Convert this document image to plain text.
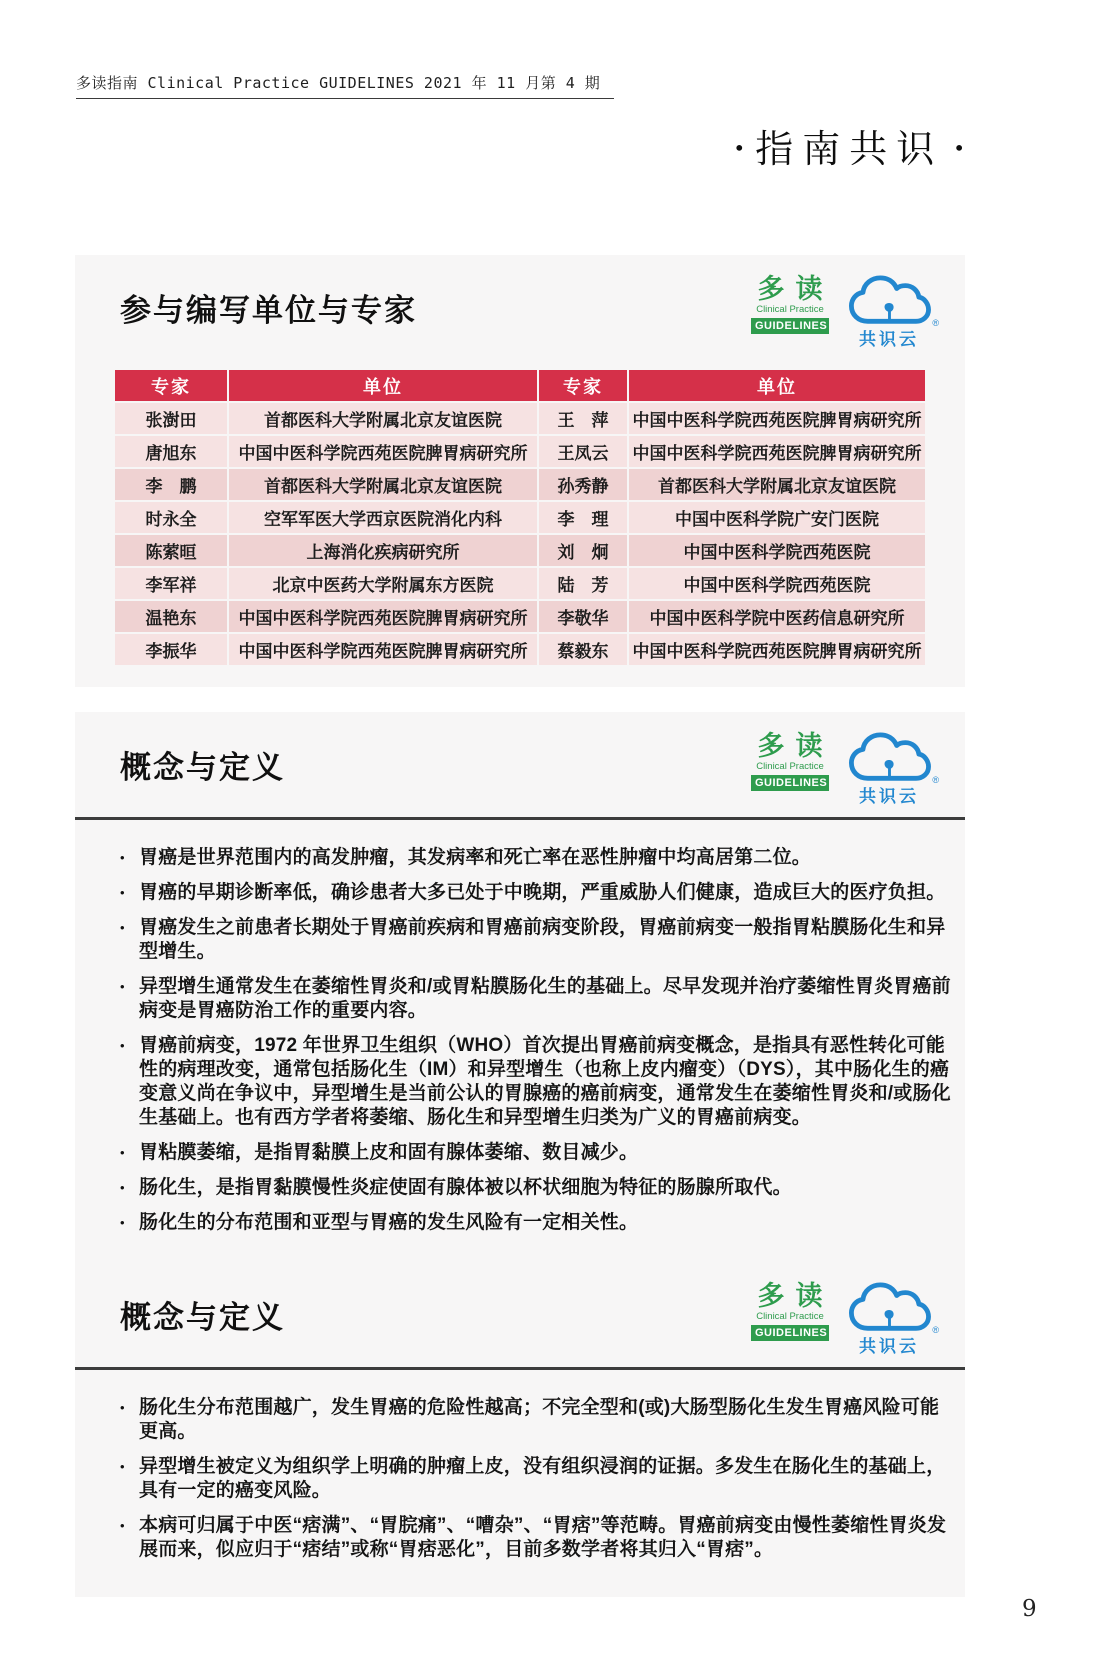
多读指南 Clinical Practice GUIDELINES 2021 年 11 月第 4 期
• 指南共识 •
参与编写单位与专家
多读
Clinical Practice
GUIDELINES
共识云
®
专家	单位	专家	单位
张澍田	首都医科大学附属北京友谊医院	王　萍	中国中医科学院西苑医院脾胃病研究所
唐旭东	中国中医科学院西苑医院脾胃病研究所	王凤云	中国中医科学院西苑医院脾胃病研究所
李　鹏	首都医科大学附属北京友谊医院	孙秀静	首都医科大学附属北京友谊医院
时永全	空军军医大学西京医院消化内科	李　理	中国中医科学院广安门医院
陈萦晅	上海消化疾病研究所	刘　炯	中国中医科学院西苑医院
李军祥	北京中医药大学附属东方医院	陆　芳	中国中医科学院西苑医院
温艳东	中国中医科学院西苑医院脾胃病研究所	李敬华	中国中医科学院中医药信息研究所
李振华	中国中医科学院西苑医院脾胃病研究所	蔡毅东	中国中医科学院西苑医院脾胃病研究所
概念与定义
多读
Clinical Practice
GUIDELINES
共识云
®
• 胃癌是世界范围内的高发肿瘤，其发病率和死亡率在恶性肿瘤中均高居第二位。
• 胃癌的早期诊断率低，确诊患者大多已处于中晚期，严重威胁人们健康，造成巨大的医疗负担。
• 胃癌发生之前患者长期处于胃癌前疾病和胃癌前病变阶段，胃癌前病变一般指胃粘膜肠化生和异型增生。
• 异型增生通常发生在萎缩性胃炎和/或胃粘膜肠化生的基础上。尽早发现并治疗萎缩性胃炎胃癌前病变是胃癌防治工作的重要内容。
• 胃癌前病变，1972 年世界卫生组织（WHO）首次提出胃癌前病变概念，是指具有恶性转化可能性的病理改变，通常包括肠化生（IM）和异型增生（也称上皮内瘤变）（DYS），其中肠化生的癌变意义尚在争议中，异型增生是当前公认的胃腺癌的癌前病变，通常发生在萎缩性胃炎和/或肠化生基础上。也有西方学者将萎缩、肠化生和异型增生归类为广义的胃癌前病变。
• 胃粘膜萎缩，是指胃黏膜上皮和固有腺体萎缩、数目减少。
• 肠化生，是指胃黏膜慢性炎症使固有腺体被以杯状细胞为特征的肠腺所取代。
• 肠化生的分布范围和亚型与胃癌的发生风险有一定相关性。
概念与定义
多读
Clinical Practice
GUIDELINES
共识云
®
• 肠化生分布范围越广，发生胃癌的危险性越高；不完全型和(或)大肠型肠化生发生胃癌风险可能更高。
• 异型增生被定义为组织学上明确的肿瘤上皮，没有组织浸润的证据。多发生在肠化生的基础上，具有一定的癌变风险。
• 本病可归属于中医“痞满”、“胃脘痛”、“嘈杂”、“胃痞”等范畴。胃癌前病变由慢性萎缩性胃炎发展而来，似应归于“痞结”或称“胃痞恶化”，目前多数学者将其归入“胃痞”。
9
